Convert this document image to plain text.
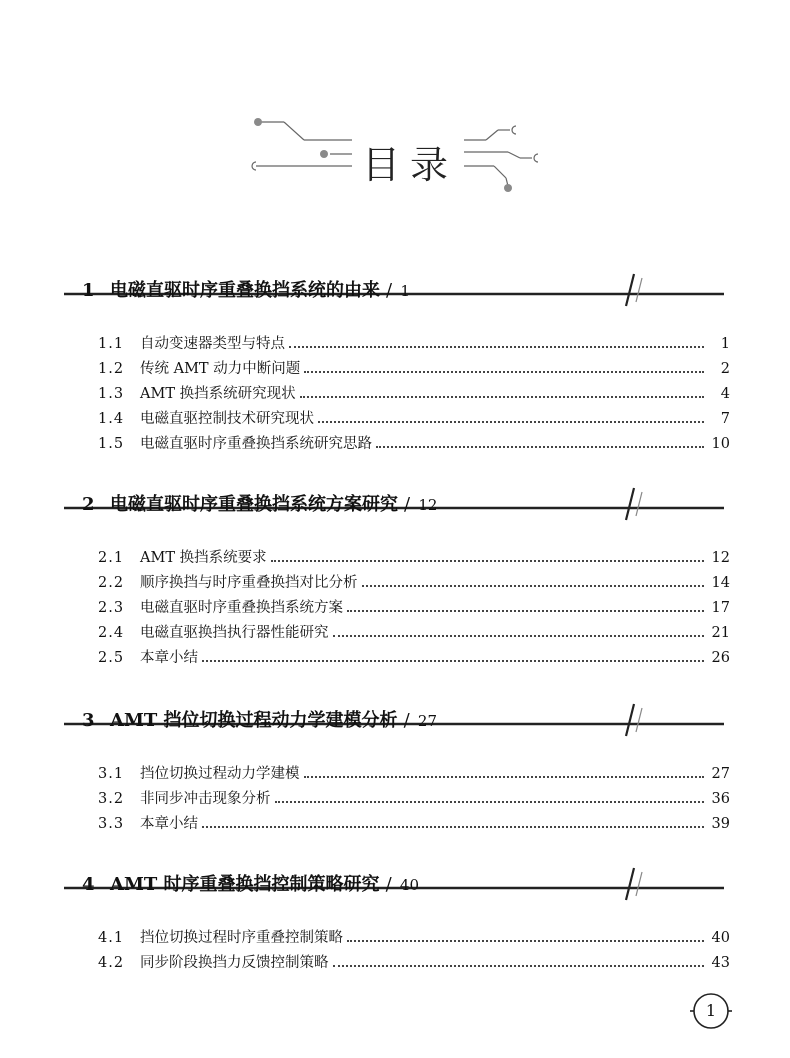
目录
1 电磁直驱时序重叠换挡系统的由来 / 1
1.1	自动变速器类型与特点	1
1.2	传统 AMT 动力中断问题	2
1.3	AMT 换挡系统研究现状	4
1.4	电磁直驱控制技术研究现状	7
1.5	电磁直驱时序重叠换挡系统研究思路	10
2 电磁直驱时序重叠换挡系统方案研究 / 12
2.1	AMT 换挡系统要求	12
2.2	顺序换挡与时序重叠换挡对比分析	14
2.3	电磁直驱时序重叠换挡系统方案	17
2.4	电磁直驱换挡执行器性能研究	21
2.5	本章小结	26
3 AMT 挡位切换过程动力学建模分析 / 27
3.1	挡位切换过程动力学建模	27
3.2	非同步冲击现象分析	36
3.3	本章小结	39
4 AMT 时序重叠换挡控制策略研究 / 40
4.1	挡位切换过程时序重叠控制策略	40
4.2	同步阶段换挡力反馈控制策略	43
1
